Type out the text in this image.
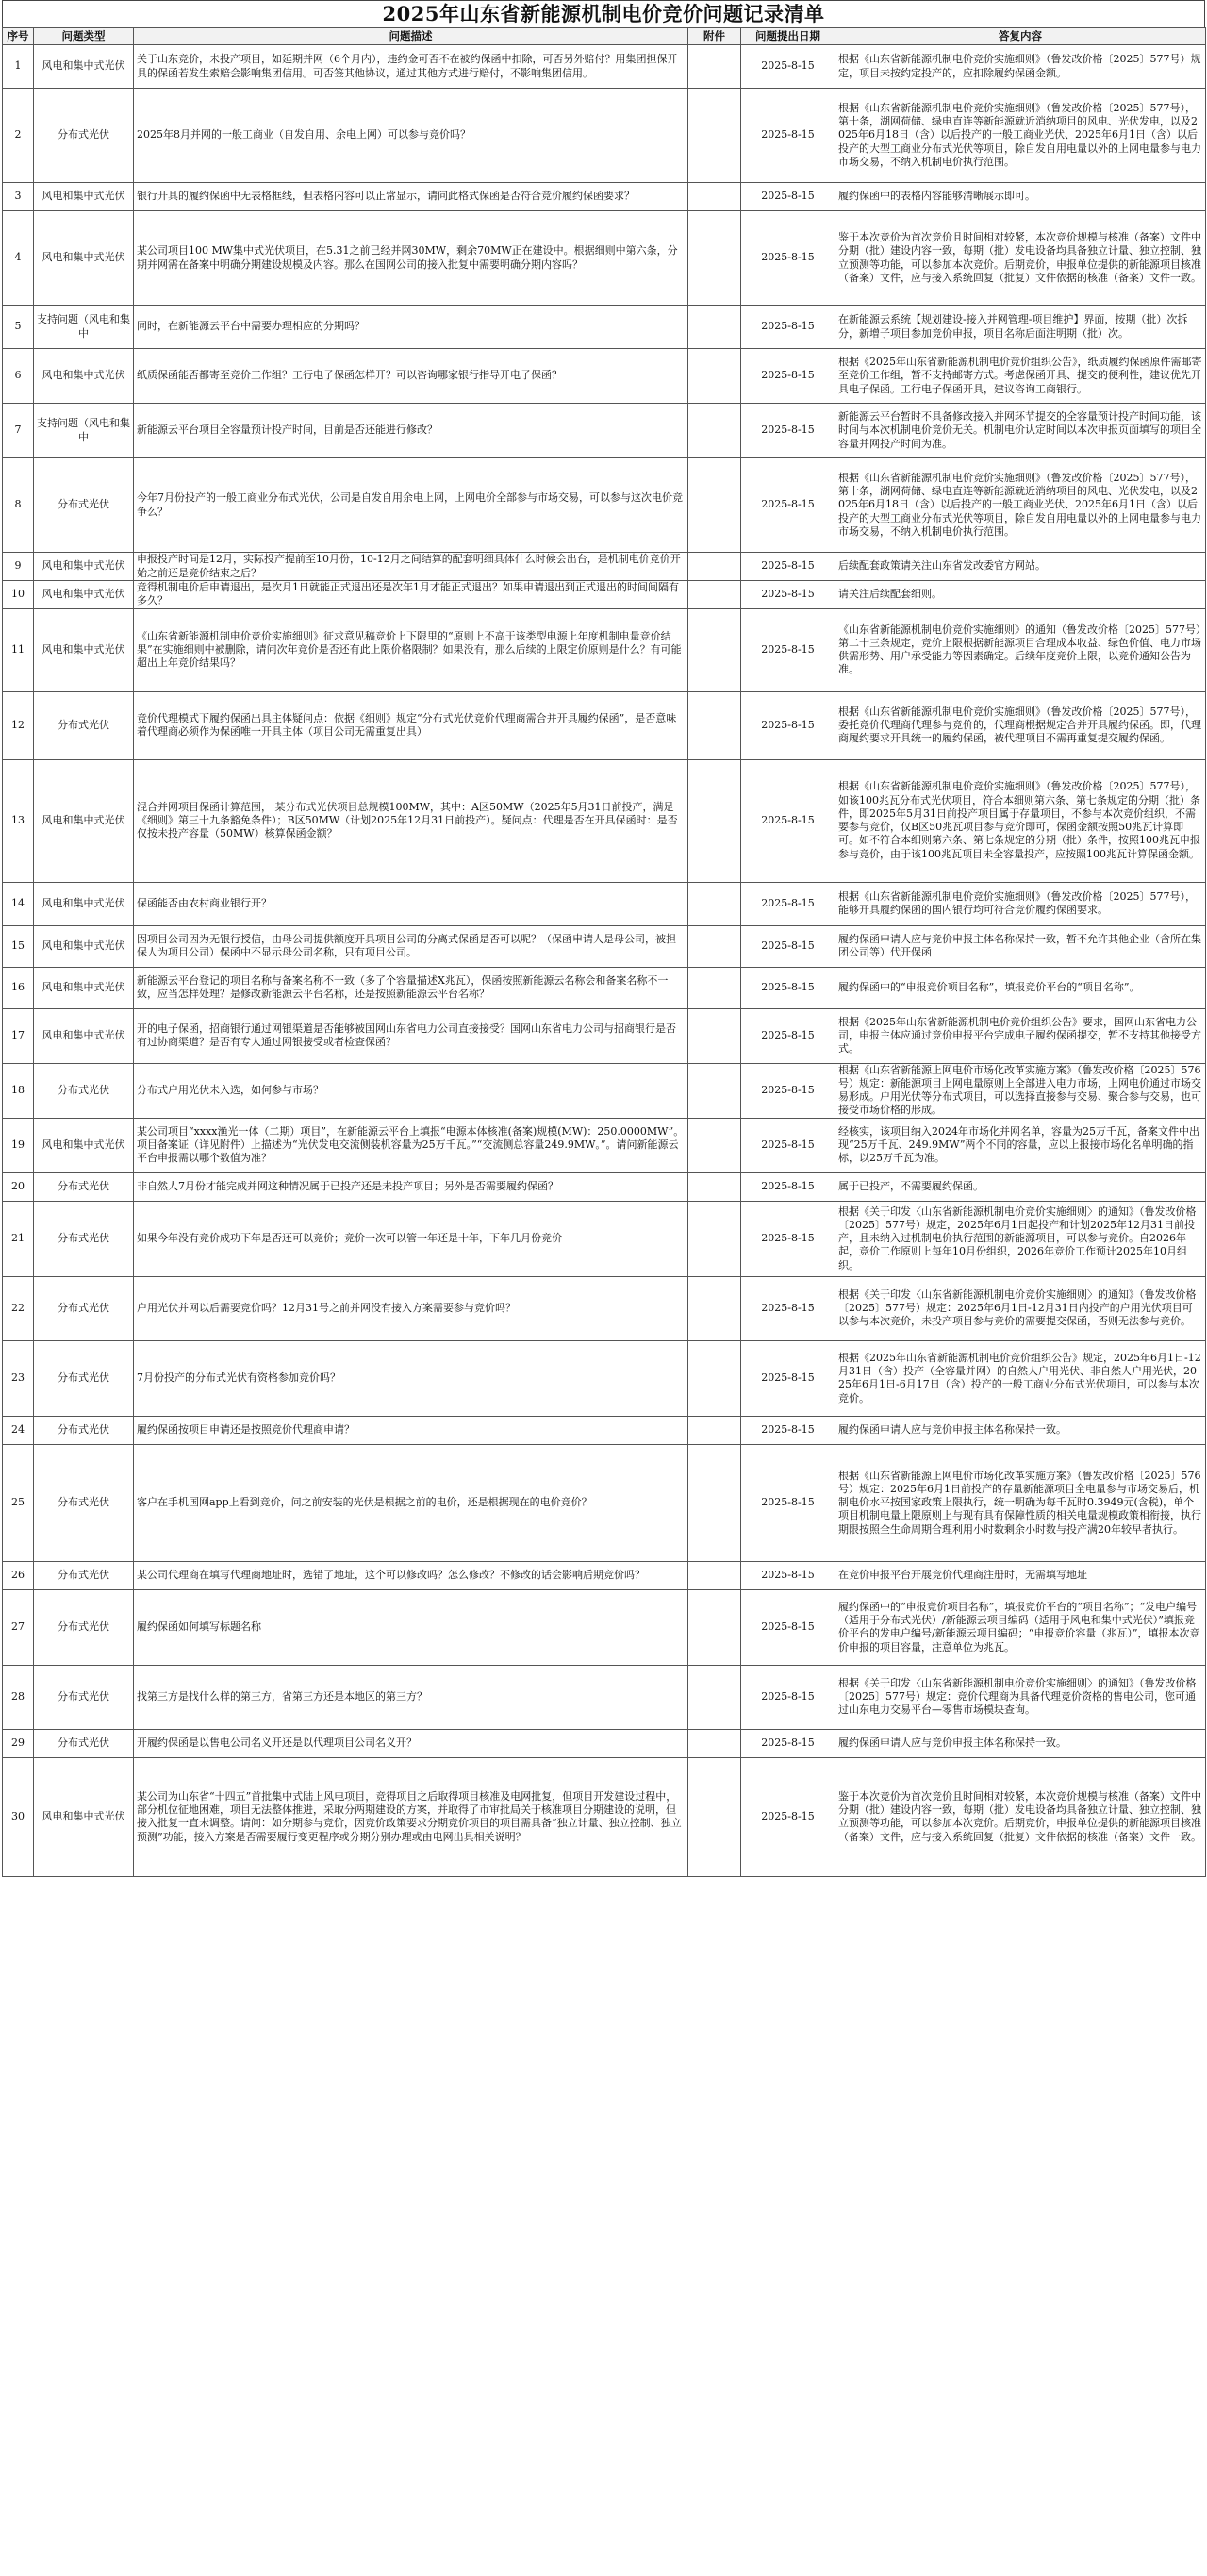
2025年山东省新能源机制电价竞价问题记录清单
序号	问题类型	问题描述	附件	问题提出日期	答复内容
1	风电和集中式光伏	关于山东竞价，未投产项目，如延期并网（6个月内），违约金可否不在被约保函中扣除，可否另外赔付？用集团担保开具的保函若发生索赔会影响集团信用。可否签其他协议，通过其他方式进行赔付，不影响集团信用。		2025-8-15	根据《山东省新能源机制电价竞价实施细则》（鲁发改价格〔2025〕577号）规定，项目未按约定投产的，应扣除履约保函金额。
2	分布式光伏	2025年8月并网的一般工商业（自发自用、余电上网）可以参与竞价吗？		2025-8-15	根据《山东省新能源机制电价竞价实施细则》（鲁发改价格〔2025〕577号），第十条，湖网荷储、绿电直连等新能源就近消纳项目的风电、光伏发电，以及2025年6月18日（含）以后投产的一般工商业光伏、2025年6月1日（含）以后投产的大型工商业分布式光伏等项目，除自发自用电量以外的上网电量参与电力市场交易，不纳入机制电价执行范围。
3	风电和集中式光伏	银行开具的履约保函中无表格框线，但表格内容可以正常显示，请问此格式保函是否符合竞价履约保函要求？		2025-8-15	履约保函中的表格内容能够清晰展示即可。
4	风电和集中式光伏	某公司项目100 MW集中式光伏项目，在5.31之前已经并网30MW，剩余70MW正在建设中。根据细则中第六条，分期并网需在备案中明确分期建设规模及内容。那么在国网公司的接入批复中需要明确分期内容吗？		2025-8-15	鉴于本次竞价为首次竞价且时间相对较紧，本次竞价规模与核准（备案）文件中分期（批）建设内容一致，每期（批）发电设备均具备独立计量、独立控制、独立预测等功能，可以参加本次竞价。后期竞价，申报单位提供的新能源项目核准（备案）文件，应与接入系统回复（批复）文件依据的核准（备案）文件一致。
5	支持问题（风电和集中	同时，在新能源云平台中需要办理相应的分期吗？		2025-8-15	在新能源云系统【规划建设-接入并网管理-项目维护】界面，按期（批）次拆分，新增子项目参加竞价申报，项目名称后面注明期（批）次。
6	风电和集中式光伏	纸质保函能否都寄至竞价工作组？工行电子保函怎样开？可以咨询哪家银行指导开电子保函？		2025-8-15	根据《2025年山东省新能源机制电价竞价组织公告》，纸质履约保函原件需邮寄至竞价工作组，暂不支持邮寄方式。考虑保函开具、提交的便利性，建议优先开具电子保函。工行电子保函开具，建议咨询工商银行。
7	支持问题（风电和集中	新能源云平台项目全容量预计投产时间，目前是否还能进行修改？		2025-8-15	新能源云平台暂时不具备修改接入并网环节提交的全容量预计投产时间功能，该时间与本次机制电价竞价无关。机制电价认定时间以本次申报页面填写的项目全容量并网投产时间为准。
8	分布式光伏	今年7月份投产的一般工商业分布式光伏，公司是自发自用余电上网，上网电价全部参与市场交易，可以参与这次电价竞争么？		2025-8-15	根据《山东省新能源机制电价竞价实施细则》（鲁发改价格〔2025〕577号），第十条，湖网荷储、绿电直连等新能源就近消纳项目的风电、光伏发电，以及2025年6月18日（含）以后投产的一般工商业光伏、2025年6月1日（含）以后投产的大型工商业分布式光伏等项目，除自发自用电量以外的上网电量参与电力市场交易，不纳入机制电价执行范围。
9	风电和集中式光伏	申报投产时间是12月，实际投产提前至10月份，10-12月之间结算的配套明细具体什么时候会出台，是机制电价竞价开始之前还是竞价结束之后？		2025-8-15	后续配套政策请关注山东省发改委官方网站。
10	风电和集中式光伏	竞得机制电价后申请退出，是次月1日就能正式退出还是次年1月才能正式退出？如果申请退出到正式退出的时间间隔有多久？		2025-8-15	请关注后续配套细则。
11	风电和集中式光伏	《山东省新能源机制电价竞价实施细则》征求意见稿竞价上下限里的“原则上不高于该类型电源上年度机制电量竞价结果”在实施细则中被删除，请问次年竞价是否还有此上限价格限制？如果没有，那么后续的上限定价原则是什么？有可能超出上年竞价结果吗？		2025-8-15	《山东省新能源机制电价竞价实施细则》的通知（鲁发改价格〔2025〕577号）第二十三条规定，竞价上限根据新能源项目合理成本收益、绿色价值、电力市场供需形势、用户承受能力等因素确定。后续年度竞价上限，以竞价通知公告为准。
12	分布式光伏	竞价代理模式下履约保函出具主体疑问点：依据《细则》规定“分布式光伏竞价代理商需合并开具履约保函”，是否意味着代理商必须作为保函唯一开具主体（项目公司无需重复出具）		2025-8-15	根据《山东省新能源机制电价竞价实施细则》（鲁发改价格〔2025〕577号），委托竞价代理商代理参与竞价的，代理商根据规定合并开具履约保函。即，代理商履约要求开具统一的履约保函，被代理项目不需再重复提交履约保函。
13	风电和集中式光伏	混合并网项目保函计算范围， 某分布式光伏项目总规模100MW，其中：A区50MW（2025年5月31日前投产，满足《细则》第三十九条豁免条件）；B区50MW（计划2025年12月31日前投产）。疑问点：代理是否在开具保函时：是否仅按未投产容量（50MW）核算保函金额？		2025-8-15	根据《山东省新能源机制电价竞价实施细则》（鲁发改价格〔2025〕577号），如该100兆瓦分布式光伏项目，符合本细则第六条、第七条规定的分期（批）条件，即2025年5月31日前投产项目属于存量项目，不参与本次竞价组织，不需要参与竞价，仅B区50兆瓦项目参与竞价即可，保函金额按照50兆瓦计算即可。如不符合本细则第六条、第七条规定的分期（批）条件，按照100兆瓦申报参与竞价，由于该100兆瓦项目未全容量投产，应按照100兆瓦计算保函金额。
14	风电和集中式光伏	保函能否由农村商业银行开？		2025-8-15	根据《山东省新能源机制电价竞价实施细则》（鲁发改价格〔2025〕577号），能够开具履约保函的国内银行均可符合竞价履约保函要求。
15	风电和集中式光伏	因项目公司因为无银行授信，由母公司提供额度开具项目公司的分离式保函是否可以呢？（保函申请人是母公司，被担保人为项目公司）保函中不显示母公司名称，只有项目公司。		2025-8-15	履约保函申请人应与竞价申报主体名称保持一致，暂不允许其他企业（含所在集团公司等）代开保函
16	风电和集中式光伏	新能源云平台登记的项目名称与备案名称不一致（多了个容量描述X兆瓦），保函按照新能源云名称会和备案名称不一致，应当怎样处理？是修改新能源云平台名称，还是按照新能源云平台名称？		2025-8-15	履约保函中的“申报竞价项目名称”，填报竞价平台的“项目名称”。
17	风电和集中式光伏	开的电子保函，招商银行通过网银渠道是否能够被国网山东省电力公司直接接受？国网山东省电力公司与招商银行是否有过协商渠道？是否有专人通过网银接受或者检查保函？		2025-8-15	根据《2025年山东省新能源机制电价竞价组织公告》要求，国网山东省电力公司，申报主体应通过竞价申报平台完成电子履约保函提交，暂不支持其他接受方式。
18	分布式光伏	分布式户用光伏未入选，如何参与市场？		2025-8-15	根据《山东省新能源上网电价市场化改革实施方案》（鲁发改价格〔2025〕576号）规定：新能源项目上网电量原则上全部进入电力市场，上网电价通过市场交易形成。户用光伏等分布式项目，可以选择直接参与交易、聚合参与交易，也可接受市场价格的形成。
19	风电和集中式光伏	某公司项目“xxxx渔光一体（二期）项目”，在新能源云平台上填报“电源本体核准(备案)规模(MW)：250.0000MW”。项目备案证（详见附件）上描述为“光伏发电交流侧装机容量为25万千瓦。”“交流侧总容量249.9MW。”。请问新能源云平台申报需以哪个数值为准？		2025-8-15	经核实，该项目纳入2024年市场化并网名单，容量为25万千瓦，备案文件中出现“25万千瓦、249.9MW”两个不同的容量，应以上报接市场化名单明确的指标，以25万千瓦为准。
20	分布式光伏	非自然人7月份才能完成并网这种情况属于已投产还是未投产项目；另外是否需要履约保函？		2025-8-15	属于已投产，不需要履约保函。
21	分布式光伏	如果今年没有竞价成功下年是否还可以竞价；竞价一次可以管一年还是十年，下年几月份竞价		2025-8-15	根据《关于印发〈山东省新能源机制电价竞价实施细则〉的通知》（鲁发改价格〔2025〕577号）规定，2025年6月1日起投产和计划2025年12月31日前投产，且未纳入过机制电价执行范围的新能源项目，可以参与竞价。自2026年起，竞价工作原则上每年10月份组织，2026年竞价工作预计2025年10月组织。
22	分布式光伏	户用光伏并网以后需要竞价吗？12月31号之前并网没有接入方案需要参与竞价吗？		2025-8-15	根据《关于印发〈山东省新能源机制电价竞价实施细则〉的通知》（鲁发改价格〔2025〕577号）规定：2025年6月1日-12月31日内投产的户用光伏项目可以参与本次竞价，未投产项目参与竞价的需要提交保函，否则无法参与竞价。
23	分布式光伏	7月份投产的分布式光伏有资格参加竞价吗？		2025-8-15	根据《2025年山东省新能源机制电价竞价组织公告》规定，2025年6月1日-12月31日（含）投产（全容量并网）的自然人户用光伏、非自然人户用光伏，2025年6月1日-6月17日（含）投产的一般工商业分布式光伏项目，可以参与本次竞价。
24	分布式光伏	履约保函按项目申请还是按照竞价代理商申请？		2025-8-15	履约保函申请人应与竞价申报主体名称保持一致。
25	分布式光伏	客户在手机国网app上看到竞价，问之前安装的光伏是根据之前的电价，还是根据现在的电价竞价？		2025-8-15	根据《山东省新能源上网电价市场化改革实施方案》（鲁发改价格〔2025〕576号）规定：2025年6月1日前投产的存量新能源项目全电量参与市场交易后，机制电价水平按国家政策上限执行，统一明确为每千瓦时0.3949元(含税)，单个项目机制电量上限原则上与现有具有保障性质的相关电量规模政策相衔接，执行期限按照全生命周期合理利用小时数剩余小时数与投产满20年较早者执行。
26	分布式光伏	某公司代理商在填写代理商地址时，选错了地址，这个可以修改吗？怎么修改？不修改的话会影响后期竞价吗？		2025-8-15	在竞价申报平台开展竞价代理商注册时，无需填写地址
27	分布式光伏	履约保函如何填写标题名称		2025-8-15	履约保函中的“申报竞价项目名称”，填报竞价平台的“项目名称”；“发电户编号（适用于分布式光伏）/新能源云项目编码（适用于风电和集中式光伏）”填报竞价平台的发电户编号/新能源云项目编码；“申报竞价容量（兆瓦）”，填报本次竞价申报的项目容量，注意单位为兆瓦。
28	分布式光伏	找第三方是找什么样的第三方，省第三方还是本地区的第三方？		2025-8-15	根据《关于印发〈山东省新能源机制电价竞价实施细则〉的通知》（鲁发改价格〔2025〕577号）规定：竞价代理商为具备代理竞价资格的售电公司，您可通过山东电力交易平台—零售市场模块查询。
29	分布式光伏	开履约保函是以售电公司名义开还是以代理项目公司名义开？		2025-8-15	履约保函申请人应与竞价申报主体名称保持一致。
30	风电和集中式光伏	某公司为山东省“十四五”首批集中式陆上风电项目，竞得项目之后取得项目核准及电网批复，但项目开发建设过程中，部分机位征地困难，项目无法整体推进，采取分两期建设的方案，并取得了市审批局关于核准项目分期建设的说明，但接入批复一直未调整。请问：如分期参与竞价，因竞价政策要求分期竞价项目的项目需具备“独立计量、独立控制、独立预测”功能，接入方案是否需要履行变更程序或分期分别办理或由电网出具相关说明？		2025-8-15	鉴于本次竞价为首次竞价且时间相对较紧，本次竞价规模与核准（备案）文件中分期（批）建设内容一致，每期（批）发电设备均具备独立计量、独立控制、独立预测等功能，可以参加本次竞价。后期竞价，申报单位提供的新能源项目核准（备案）文件，应与接入系统回复（批复）文件依据的核准（备案）文件一致。
